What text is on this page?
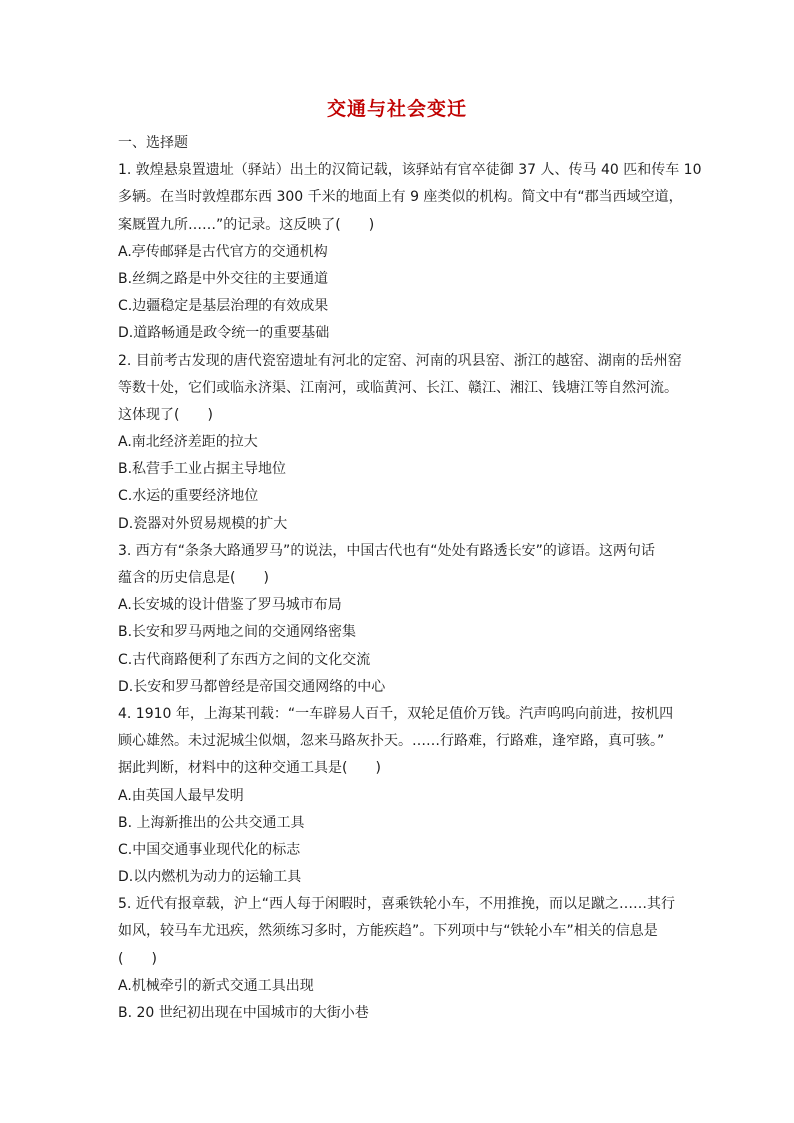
交通与社会变迁
一、选择题
1. 敦煌悬泉置遗址（驿站）出土的汉简记载，该驿站有官卒徒御 37 人、传马 40 匹和传车 10
多辆。在当时敦煌郡东西 300 千米的地面上有 9 座类似的机构。简文中有“郡当西域空道，
案厩置九所……”的记录。这反映了(　　)
A.亭传邮驿是古代官方的交通机构
B.丝绸之路是中外交往的主要通道
C.边疆稳定是基层治理的有效成果
D.道路畅通是政令统一的重要基础
2. 目前考古发现的唐代瓷窑遗址有河北的定窑、河南的巩县窑、浙江的越窑、湖南的岳州窑
等数十处，它们或临永济渠、江南河，或临黄河、长江、赣江、湘江、钱塘江等自然河流。
这体现了(　　)
A.南北经济差距的拉大
B.私营手工业占据主导地位
C.水运的重要经济地位
D.瓷器对外贸易规模的扩大
3. 西方有“条条大路通罗马”的说法，中国古代也有“处处有路透长安”的谚语。这两句话
蕴含的历史信息是(　　)
A.长安城的设计借鉴了罗马城市布局
B.长安和罗马两地之间的交通网络密集
C.古代商路便利了东西方之间的文化交流
D.长安和罗马都曾经是帝国交通网络的中心
4. 1910 年，上海某刊载：“一车辟易人百千，双轮足值价万钱。汽声呜呜向前进，按机四
顾心雄然。未过泥城尘似烟，忽来马路灰扑天。……行路难，行路难，逢窄路，真可骇。”
据此判断，材料中的这种交通工具是(　　)
A.由英国人最早发明
B. 上海新推出的公共交通工具
C.中国交通事业现代化的标志
D.以内燃机为动力的运输工具
5. 近代有报章载，沪上“西人每于闲暇时，喜乘铁轮小车，不用推挽，而以足蹴之……其行
如风，较马车尤迅疾，然须练习多时，方能疾趋”。下列项中与“铁轮小车”相关的信息是
(　　)
A.机械牵引的新式交通工具出现
B. 20 世纪初出现在中国城市的大街小巷
